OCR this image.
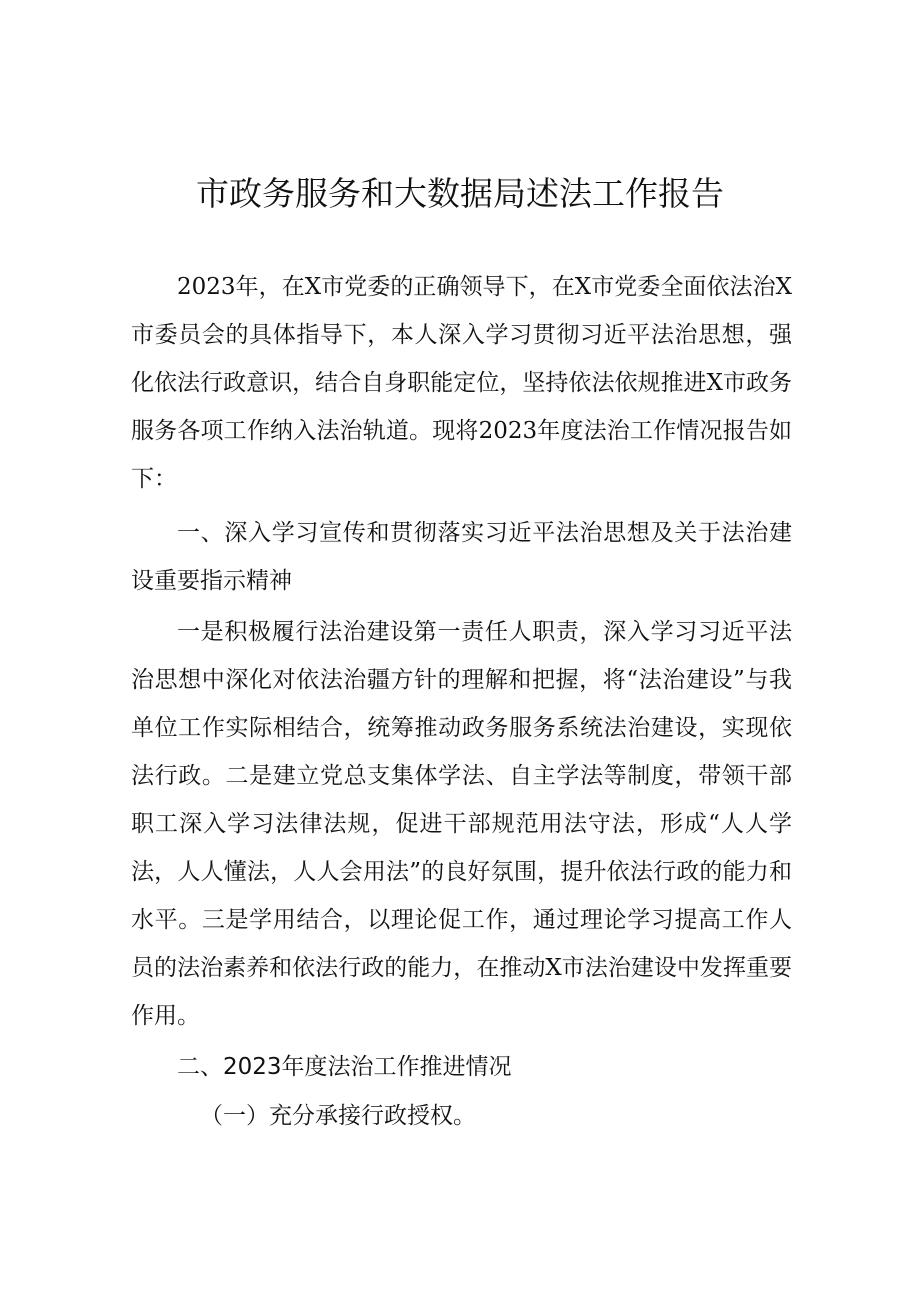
市政务服务和大数据局述法工作报告

2023年，在X市党委的正确领导下，在X市党委全面依法治X市委员会的具体指导下，本人深入学习贯彻习近平法治思想，强化依法行政意识，结合自身职能定位，坚持依法依规推进X市政务服务各项工作纳入法治轨道。现将2023年度法治工作情况报告如下：

一、深入学习宣传和贯彻落实习近平法治思想及关于法治建设重要指示精神

一是积极履行法治建设第一责任人职责，深入学习习近平法治思想中深化对依法治疆方针的理解和把握，将“法治建设”与我单位工作实际相结合，统筹推动政务服务系统法治建设，实现依法行政。二是建立党总支集体学法、自主学法等制度，带领干部职工深入学习法律法规，促进干部规范用法守法，形成“人人学法，人人懂法，人人会用法”的良好氛围，提升依法行政的能力和水平。三是学用结合，以理论促工作，通过理论学习提高工作人员的法治素养和依法行政的能力，在推动X市法治建设中发挥重要作用。

二、2023年度法治工作推进情况

（一）充分承接行政授权。
